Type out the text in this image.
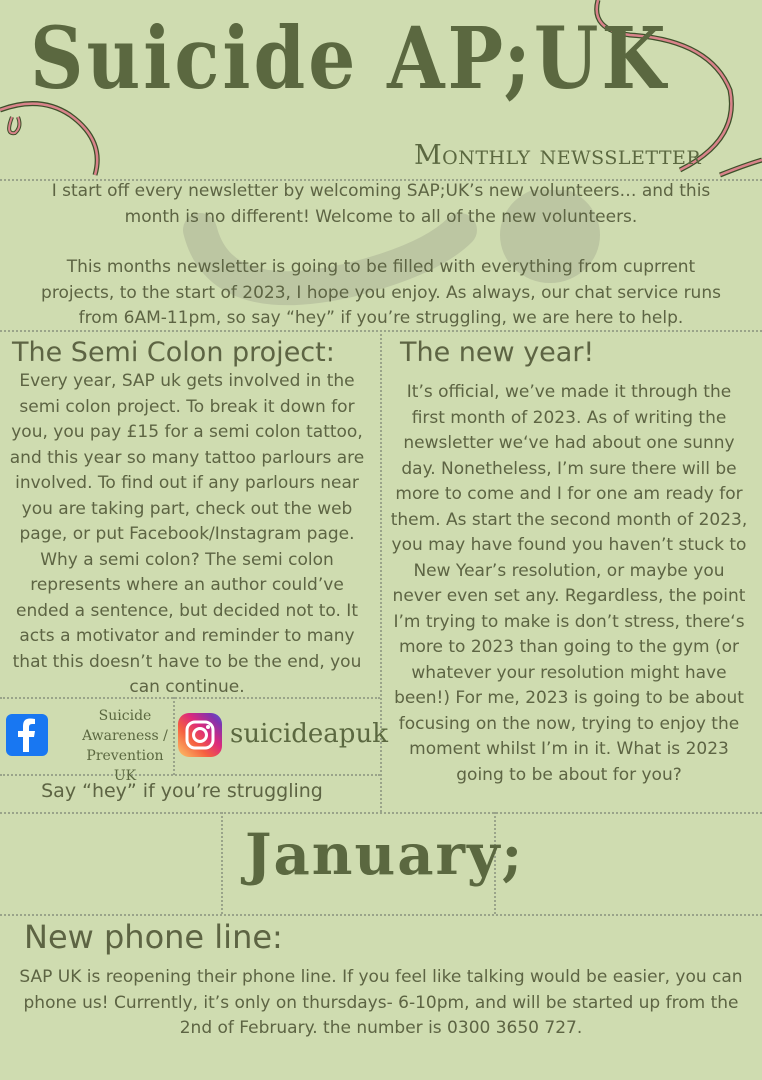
Suicide AP;UK
Monthly newssletter
I start off every newsletter by welcoming SAP;UK’s new volunteers… and this month is no different! Welcome to all of the new volunteers.
This months newsletter is going to be filled with everything from cuprrent projects, to the start of 2023, I hope you enjoy. As always, our chat service runs from 6AM-11pm, so say “hey” if you’re struggling, we are here to help.
The Semi Colon project:
Every year, SAP uk gets involved in the semi colon project. To break it down for you, you pay £15 for a semi colon tattoo, and this year so many tattoo parlours are involved. To find out if any parlours near you are taking part, check out the web page, or put Facebook/Instagram page. Why a semi colon? The semi colon represents where an author could’ve ended a sentence, but decided not to. It acts a motivator and reminder to many that this doesn’t have to be the end, you can continue.
Suicide Awareness / Prevention UK
suicideapuk
Say “hey” if you’re struggling
The new year!
It’s official, we’ve made it through the first month of 2023. As of writing the newsletter we‘ve had about one sunny day. Nonetheless, I’m sure there will be more to come and I for one am ready for them. As start the second month of 2023, you may have found you haven’t stuck to New Year’s resolution, or maybe you never even set any. Regardless, the point I’m trying to make is don’t stress, there‘s more to 2023 than going to the gym (or whatever your resolution might have been!) For me, 2023 is going to be about focusing on the now, trying to enjoy the moment whilst I’m in it. What is 2023 going to be about for you?
January;
New phone line:
SAP UK is reopening their phone line. If you feel like talking would be easier, you can phone us! Currently, it’s only on thursdays- 6-10pm, and will be started up from the 2nd of February. the number is 0300 3650 727.
